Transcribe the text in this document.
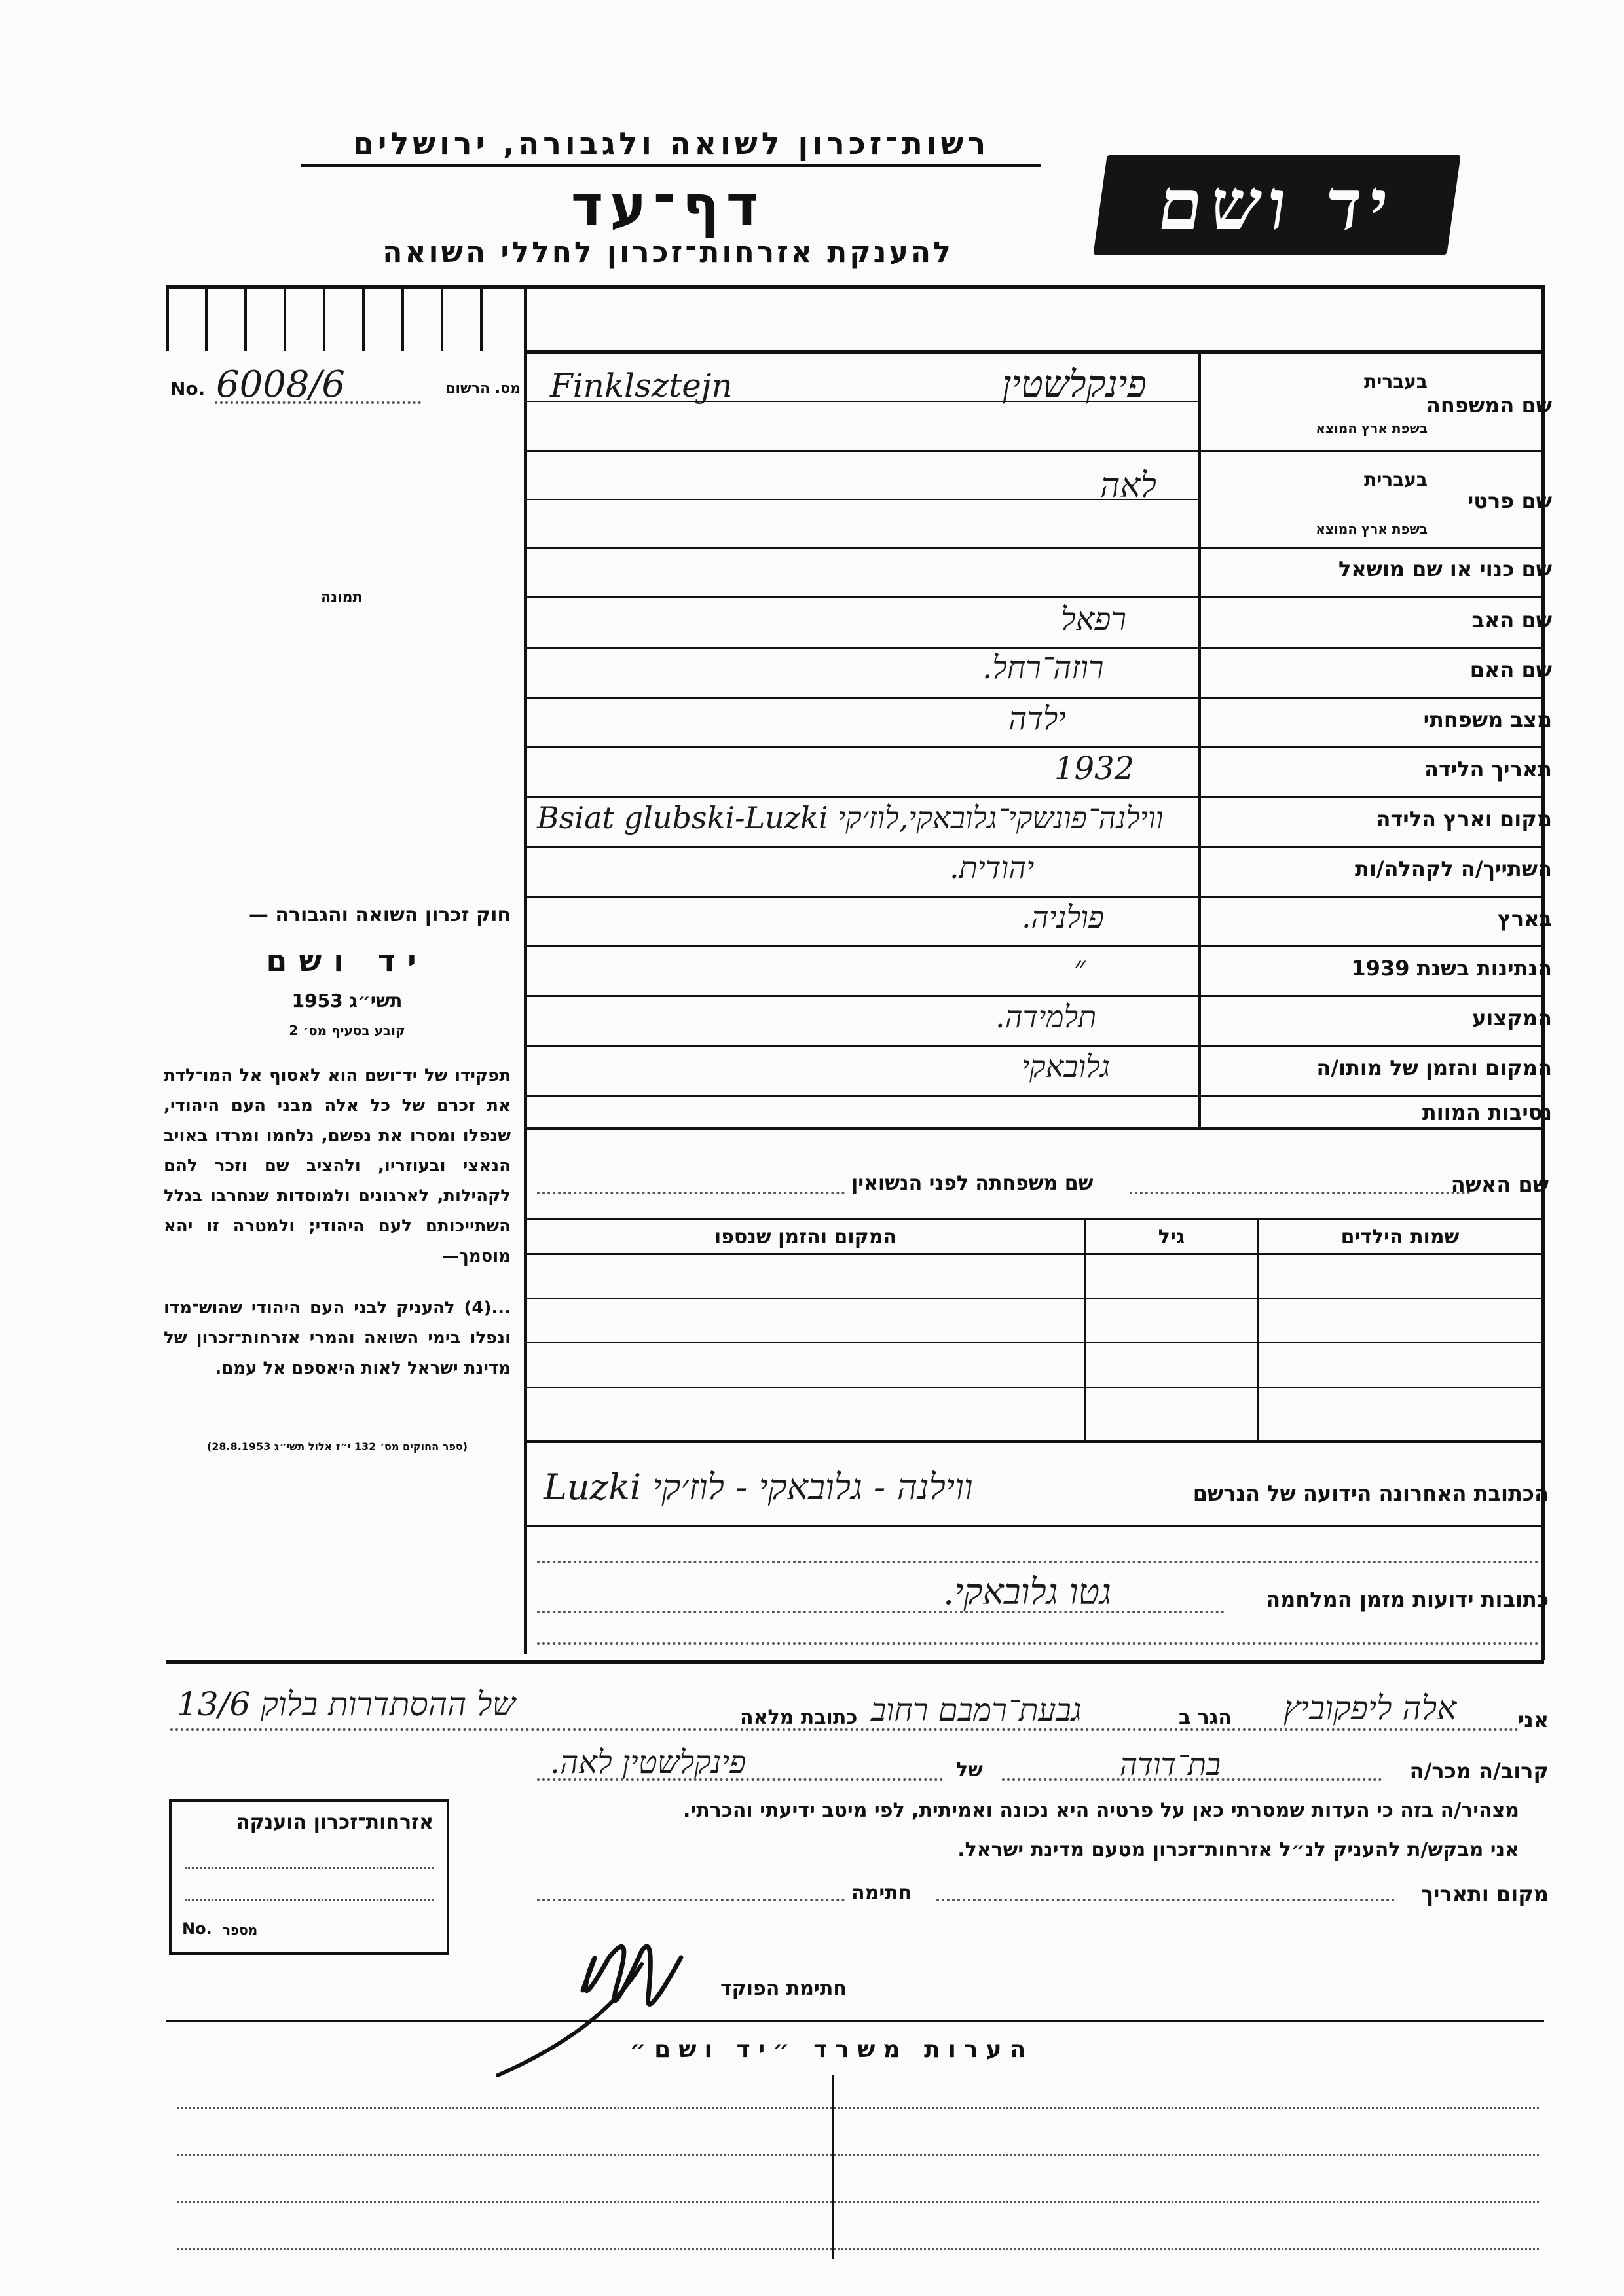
רשות־זכרון לשואה ולגבורה, ירושלים
דף־עד
להענקת אזרחות־זכרון לחללי השואה
יד ושם
No. 6008/6	מס. הרשום
תמונה
שם המשפחה
בעברית
בשפת ארץ המוצא
פינקלשטין
Finklsztejn
שם פרטי
בעברית
בשפת ארץ המוצא
לאה
שם כנוי או שם מושאל
שם האב
רפאל
שם האם
רוזה־רחל.
מצב משפחתי
ילדה
תאריך הלידה
1932
מקום וארץ הלידה
Bsiat glubski-Luzki ווילנה־פונשקי־גלובאקי,לוז׳קי
השתייך/ה לקהלה/ות
יהודית.
בארץ
פולניה.
הנתינות בשנת 1939
״
המקצוע
תלמידה.
המקום והזמן של מותו/ה
גלובאקי
נסיבות המוות
חוק זכרון השואה והגבורה —
יד ושם
תשי״ג 1953
קובע בסעיף מס׳ 2
תפקידו של יד־ושם הוא לאסוף אל המו־לדת את זכרם של כל אלה מבני העם היהודי, שנפלו ומסרו את נפשם, נלחמו ומרדו באויב הנאצי ובעוזריו, ולהציב שם וזכר להם לקהילות, לארגונים ולמוסדות שנחרבו בגלל השתייכותם לעם היהודי; ולמטרה זו יהא מוסמך—
...(4) להעניק לבני העם היהודי שהוש־מדו ונפלו בימי השואה והמרי אזרחות־זכרון של מדינת ישראל לאות היאספם אל עמם.
(ספר החוקים מס׳ 132 י״ז אלול תשי״ג 28.8.1953)
שם האשה
שם משפחתה לפני הנשואין
שמות הילדים
גיל
המקום והזמן שנספו
הכתובת האחרונה הידועה של הנרשם
ווילנה - גלובאקי - לוז׳קי Luzki
כתובות ידועות מזמן המלחמה
גטו גלובאקי.
אני
אלה ליפקוביץ
הגר ב
גבעת־רמבם רחוב
כתובת מלאה
של ההסתדרות בלוק 13/6
קרוב/ה מכר/ה
בת־דודה
של
פינקלשטין לאה.
מצהיר/ה בזה כי העדות שמסרתי כאן על פרטיה היא נכונה ואמיתית, לפי מיטב ידיעתי והכרתי.
אני מבקש/ת להעניק לנ״ל אזרחות־זכרון מטעם מדינת ישראל.
מקום ותאריך
חתימה
אזרחות־זכרון הוענקה
No. מספר
חתימת הפוקד
הערות משרד ״יד ושם״
